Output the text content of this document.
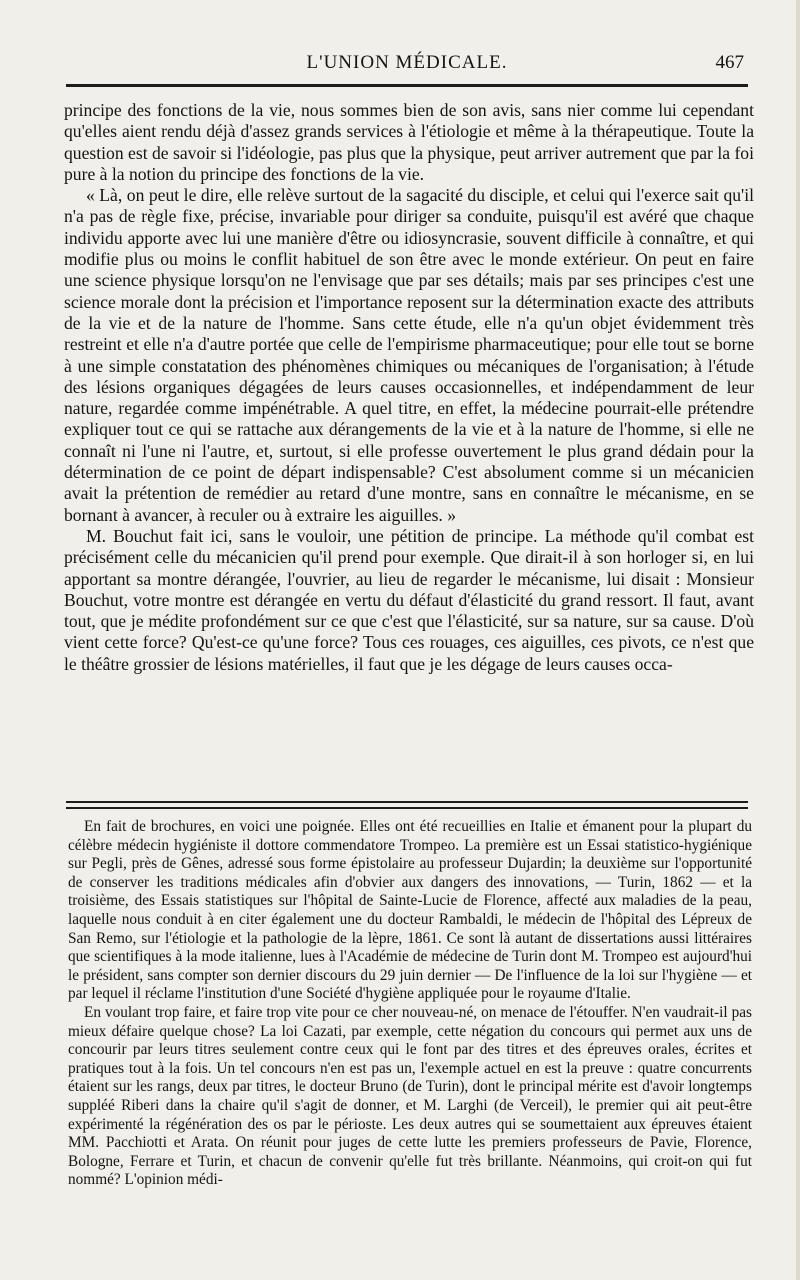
L'UNION MÉDICALE.	467

principe des fonctions de la vie, nous sommes bien de son avis, sans nier comme lui cependant qu'elles aient rendu déjà d'assez grands services à l'étiologie et même à la thérapeutique. Toute la question est de savoir si l'idéologie, pas plus que la physique, peut arriver autrement que par la foi pure à la notion du principe des fonctions de la vie.

« Là, on peut le dire, elle relève surtout de la sagacité du disciple, et celui qui l'exerce sait qu'il n'a pas de règle fixe, précise, invariable pour diriger sa conduite, puisqu'il est avéré que chaque individu apporte avec lui une manière d'être ou idiosyncrasie, souvent difficile à connaître, et qui modifie plus ou moins le conflit habituel de son être avec le monde extérieur. On peut en faire une science physique lorsqu'on ne l'envisage que par ses détails; mais par ses principes c'est une science morale dont la précision et l'importance reposent sur la détermination exacte des attributs de la vie et de la nature de l'homme. Sans cette étude, elle n'a qu'un objet évidemment très restreint et elle n'a d'autre portée que celle de l'empirisme pharmaceutique; pour elle tout se borne à une simple constatation des phénomènes chimiques ou mécaniques de l'organisation; à l'étude des lésions organiques dégagées de leurs causes occasionnelles, et indépendamment de leur nature, regardée comme impénétrable. A quel titre, en effet, la médecine pourrait-elle prétendre expliquer tout ce qui se rattache aux dérangements de la vie et à la nature de l'homme, si elle ne connaît ni l'une ni l'autre, et, surtout, si elle professe ouvertement le plus grand dédain pour la détermination de ce point de départ indispensable? C'est absolument comme si un mécanicien avait la prétention de remédier au retard d'une montre, sans en connaître le mécanisme, en se bornant à avancer, à reculer ou à extraire les aiguilles. »

M. Bouchut fait ici, sans le vouloir, une pétition de principe. La méthode qu'il combat est précisément celle du mécanicien qu'il prend pour exemple. Que dirait-il à son horloger si, en lui apportant sa montre dérangée, l'ouvrier, au lieu de regarder le mécanisme, lui disait : Monsieur Bouchut, votre montre est dérangée en vertu du défaut d'élasticité du grand ressort. Il faut, avant tout, que je médite profondément sur ce que c'est que l'élasticité, sur sa nature, sur sa cause. D'où vient cette force? Qu'est-ce qu'une force? Tous ces rouages, ces aiguilles, ces pivots, ce n'est que le théâtre grossier de lésions matérielles, il faut que je les dégage de leurs causes occa-

En fait de brochures, en voici une poignée. Elles ont été recueillies en Italie et émanent pour la plupart du célèbre médecin hygiéniste il dottore commendatore Trompeo. La première est un Essai statistico-hygiénique sur Pegli, près de Gênes, adressé sous forme épistolaire au professeur Dujardin; la deuxième sur l'opportunité de conserver les traditions médicales afin d'obvier aux dangers des innovations, — Turin, 1862 — et la troisième, des Essais statistiques sur l'hôpital de Sainte-Lucie de Florence, affecté aux maladies de la peau, laquelle nous conduit à en citer également une du docteur Rambaldi, le médecin de l'hôpital des Lépreux de San Remo, sur l'étiologie et la pathologie de la lèpre, 1861. Ce sont là autant de dissertations aussi littéraires que scientifiques à la mode italienne, lues à l'Académie de médecine de Turin dont M. Trompeo est aujourd'hui le président, sans compter son dernier discours du 29 juin dernier — De l'influence de la loi sur l'hygiène — et par lequel il réclame l'institution d'une Société d'hygiène appliquée pour le royaume d'Italie.

En voulant trop faire, et faire trop vite pour ce cher nouveau-né, on menace de l'étouffer. N'en vaudrait-il pas mieux défaire quelque chose? La loi Cazati, par exemple, cette négation du concours qui permet aux uns de concourir par leurs titres seulement contre ceux qui le font par des titres et des épreuves orales, écrites et pratiques tout à la fois. Un tel concours n'en est pas un, l'exemple actuel en est la preuve : quatre concurrents étaient sur les rangs, deux par titres, le docteur Bruno (de Turin), dont le principal mérite est d'avoir longtemps suppléé Riberi dans la chaire qu'il s'agit de donner, et M. Larghi (de Verceil), le premier qui ait peut-être expérimenté la régénération des os par le périoste. Les deux autres qui se soumettaient aux épreuves étaient MM. Pacchiotti et Arata. On réunit pour juges de cette lutte les premiers professeurs de Pavie, Florence, Bologne, Ferrare et Turin, et chacun de convenir qu'elle fut très brillante. Néanmoins, qui croit-on qui fut nommé? L'opinion médi-
